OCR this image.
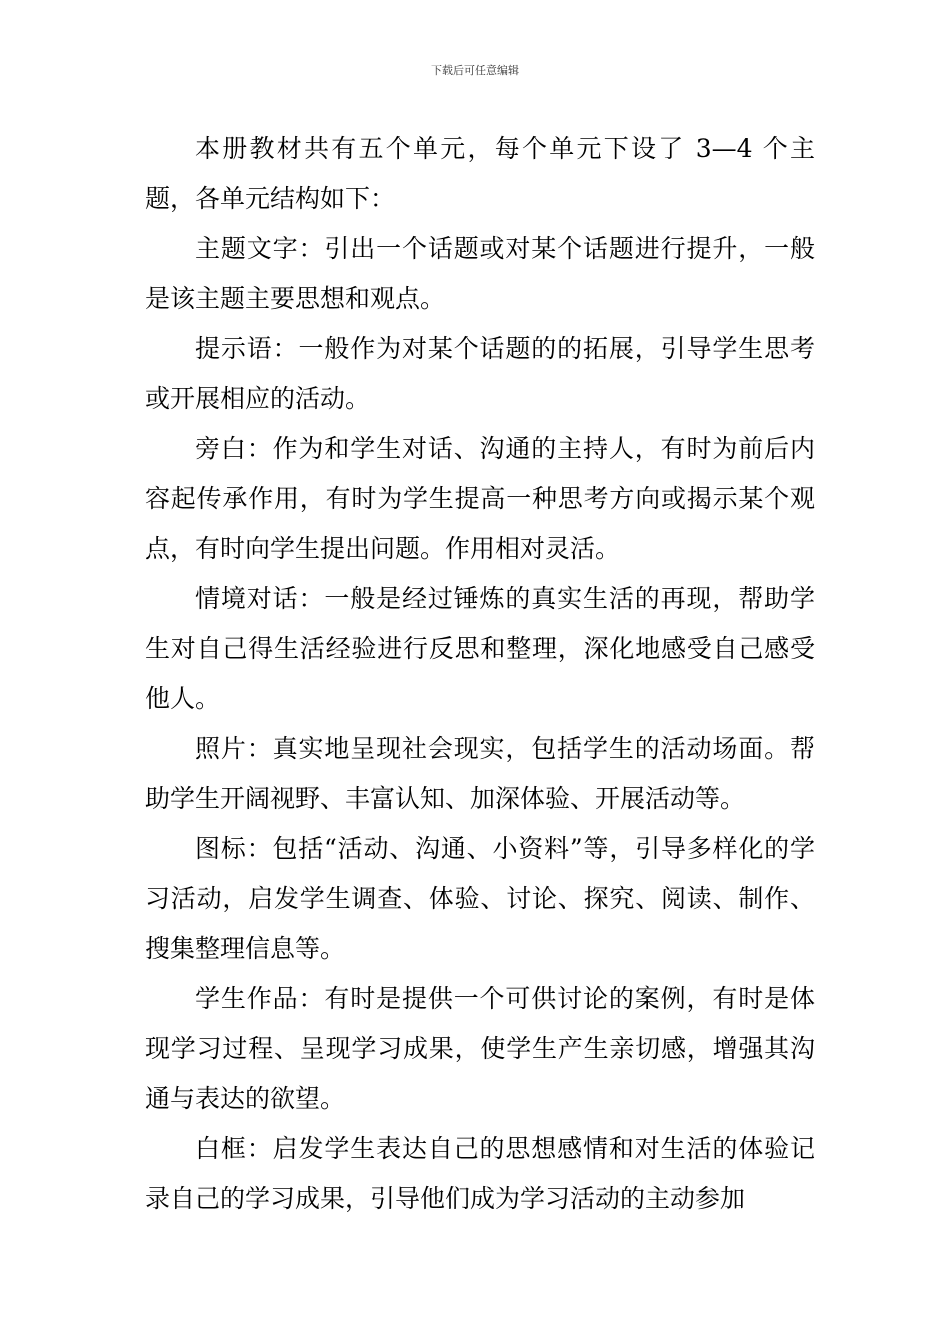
下载后可任意编辑

本册教材共有五个单元，每个单元下设了 3—4 个主题，各单元结构如下：

主题文字：引出一个话题或对某个话题进行提升，一般是该主题主要思想和观点。

提示语：一般作为对某个话题的的拓展，引导学生思考或开展相应的活动。

旁白：作为和学生对话、沟通的主持人，有时为前后内容起传承作用，有时为学生提高一种思考方向或揭示某个观点，有时向学生提出问题。作用相对灵活。

情境对话：一般是经过锤炼的真实生活的再现，帮助学生对自己得生活经验进行反思和整理，深化地感受自己感受他人。

照片：真实地呈现社会现实，包括学生的活动场面。帮助学生开阔视野、丰富认知、加深体验、开展活动等。

图标：包括“活动、沟通、小资料”等，引导多样化的学习活动，启发学生调查、体验、讨论、探究、阅读、制作、搜集整理信息等。

学生作品：有时是提供一个可供讨论的案例，有时是体现学习过程、呈现学习成果，使学生产生亲切感，增强其沟通与表达的欲望。

白框：启发学生表达自己的思想感情和对生活的体验记录自己的学习成果，引导他们成为学习活动的主动参加
